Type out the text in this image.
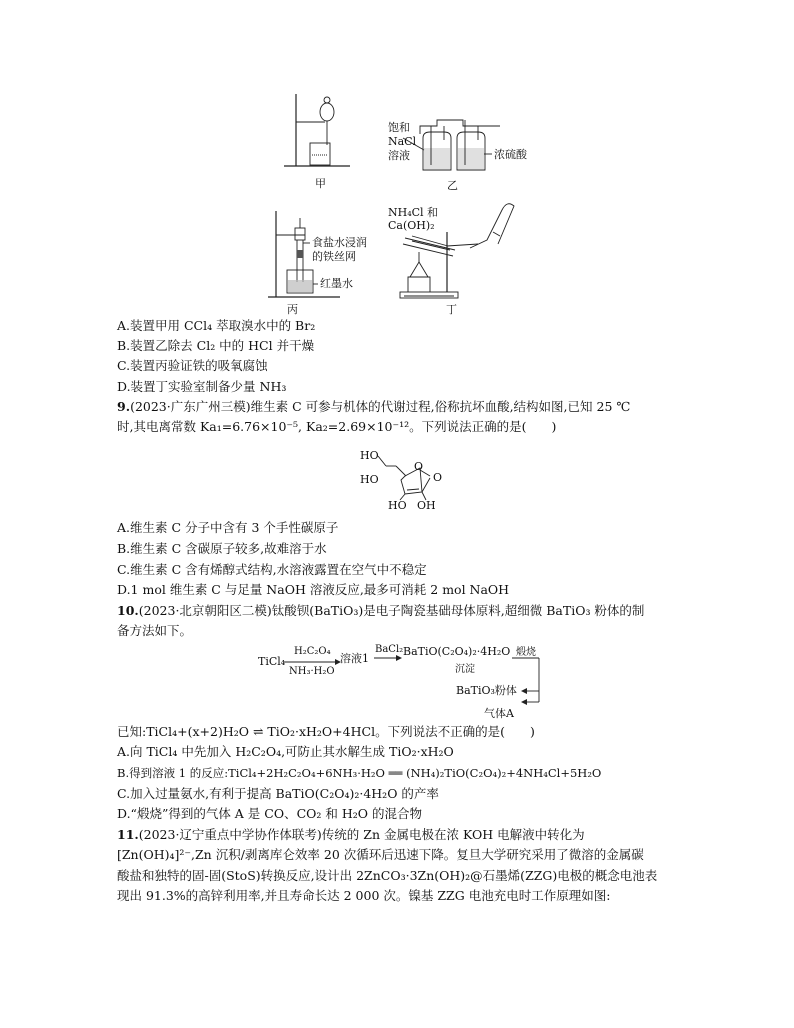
甲	乙
丙	丁
饱和
NaCl
溶液	浓硫酸
食盐水浸润
的铁丝网
红墨水
NH₄Cl 和
Ca(OH)₂
A.装置甲用 CCl₄ 萃取溴水中的 Br₂
B.装置乙除去 Cl₂ 中的 HCl 并干燥
C.装置丙验证铁的吸氧腐蚀
D.装置丁实验室制备少量 NH₃
9.(2023·广东广州三模)维生素 C 可参与机体的代谢过程,俗称抗坏血酸,结构如图,已知 25 ℃
时,其电离常数 Ka₁=6.76×10⁻⁵, Ka₂=2.69×10⁻¹²。下列说法正确的是(　　)
HO
HO
O
O
HO OH
A.维生素 C 分子中含有 3 个手性碳原子
B.维生素 C 含碳原子较多,故难溶于水
C.维生素 C 含有烯醇式结构,水溶液露置在空气中不稳定
D.1 mol 维生素 C 与足量 NaOH 溶液反应,最多可消耗 2 mol NaOH
10.(2023·北京朝阳区二模)钛酸钡(BaTiO₃)是电子陶瓷基础母体原料,超细微 BaTiO₃ 粉体的制
备方法如下。
TiCl₄
H₂C₂O₄
NH₃·H₂O
溶液1
BaCl₂ BaTiO(C₂O₄)₂·4H₂O
沉淀
煅烧
BaTiO₃粉体
气体A
已知:TiCl₄+(x+2)H₂O ⇌ TiO₂·xH₂O+4HCl。下列说法不正确的是(　　)
A.向 TiCl₄ 中先加入 H₂C₂O₄,可防止其水解生成 TiO₂·xH₂O
B.得到溶液 1 的反应:TiCl₄+2H₂C₂O₄+6NH₃·H₂O ══ (NH₄)₂TiO(C₂O₄)₂+4NH₄Cl+5H₂O
C.加入过量氨水,有利于提高 BaTiO(C₂O₄)₂·4H₂O 的产率
D.“煅烧”得到的气体 A 是 CO、CO₂ 和 H₂O 的混合物
11.(2023·辽宁重点中学协作体联考)传统的 Zn 金属电极在浓 KOH 电解液中转化为
[Zn(OH)₄]²⁻,Zn 沉积/剥离库仑效率 20 次循环后迅速下降。复旦大学研究采用了微溶的金属碳
酸盐和独特的固-固(StoS)转换反应,设计出 2ZnCO₃·3Zn(OH)₂@石墨烯(ZZG)电极的概念电池表
现出 91.3%的高锌利用率,并且寿命长达 2 000 次。镍基 ZZG 电池充电时工作原理如图:
